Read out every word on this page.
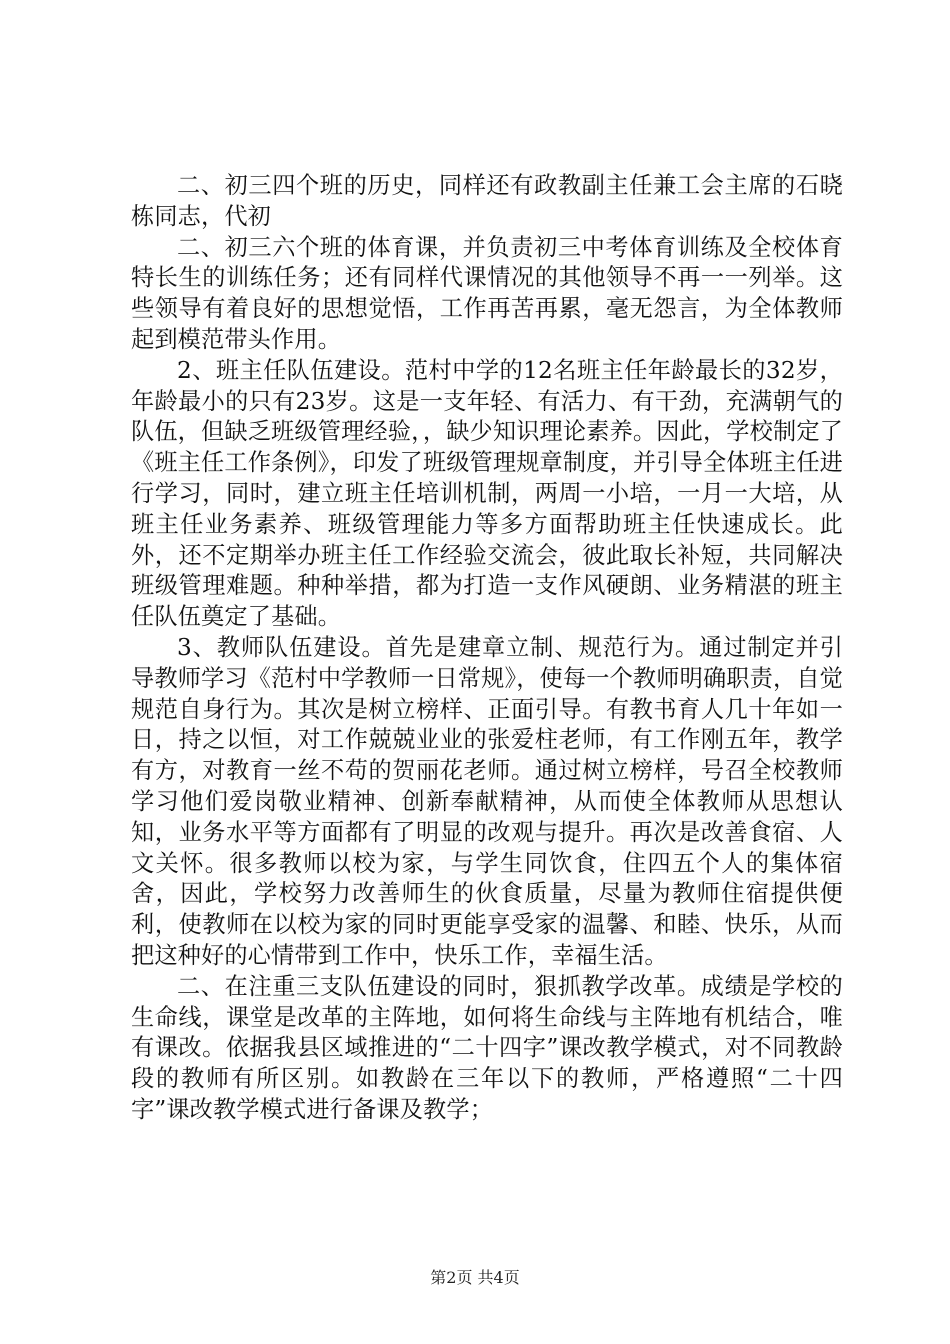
二、初三四个班的历史，同样还有政教副主任兼工会主席的石晓栋同志，代初

二、初三六个班的体育课，并负责初三中考体育训练及全校体育特长生的训练任务；还有同样代课情况的其他领导不再一一列举。这些领导有着良好的思想觉悟，工作再苦再累，毫无怨言，为全体教师起到模范带头作用。

2、班主任队伍建设。范村中学的12名班主任年龄最长的32岁，年龄最小的只有23岁。这是一支年轻、有活力、有干劲，充满朝气的队伍，但缺乏班级管理经验，，缺少知识理论素养。因此，学校制定了《班主任工作条例》，印发了班级管理规章制度，并引导全体班主任进行学习，同时，建立班主任培训机制，两周一小培，一月一大培，从班主任业务素养、班级管理能力等多方面帮助班主任快速成长。此外，还不定期举办班主任工作经验交流会，彼此取长补短，共同解决班级管理难题。种种举措，都为打造一支作风硬朗、业务精湛的班主任队伍奠定了基础。

3、教师队伍建设。首先是建章立制、规范行为。通过制定并引导教师学习《范村中学教师一日常规》，使每一个教师明确职责，自觉规范自身行为。其次是树立榜样、正面引导。有教书育人几十年如一日，持之以恒，对工作兢兢业业的张爱柱老师，有工作刚五年，教学有方，对教育一丝不苟的贺丽花老师。通过树立榜样，号召全校教师学习他们爱岗敬业精神、创新奉献精神，从而使全体教师从思想认知，业务水平等方面都有了明显的改观与提升。再次是改善食宿、人文关怀。很多教师以校为家，与学生同饮食，住四五个人的集体宿舍，因此，学校努力改善师生的伙食质量，尽量为教师住宿提供便利，使教师在以校为家的同时更能享受家的温馨、和睦、快乐，从而把这种好的心情带到工作中，快乐工作，幸福生活。

二、在注重三支队伍建设的同时，狠抓教学改革。成绩是学校的生命线，课堂是改革的主阵地，如何将生命线与主阵地有机结合，唯有课改。依据我县区域推进的“二十四字”课改教学模式，对不同教龄段的教师有所区别。如教龄在三年以下的教师，严格遵照“二十四字”课改教学模式进行备课及教学；

第2页 共4页
